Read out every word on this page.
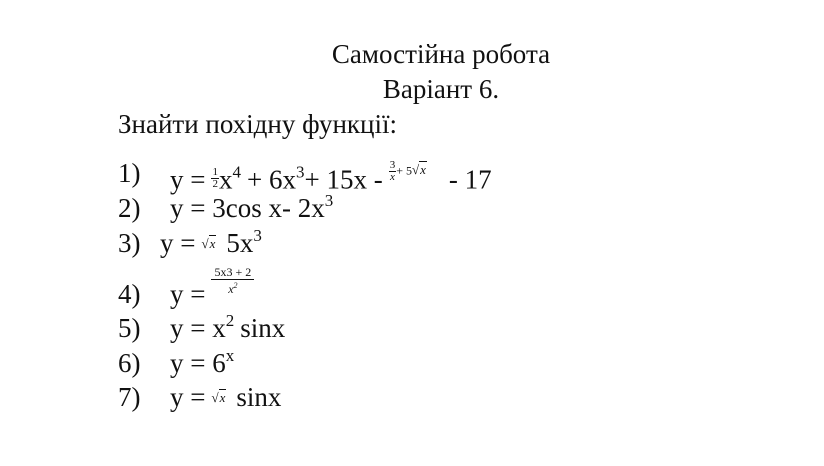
Самостійна робота
Варіант 6.
Знайти похідну функції:
1) $y = \frac{1}{2} x^4 + 6x^3+ 15x - \frac{3}{x} + 5√x - 17$
2) y = 3cos x- $2x^3$
3) y = √x $5x^3$
4) $y = \frac{5x3 + 2}{x^2}$
5) $y = x^2$ sinx
6) $y = 6^x$
7) y = √x sinx
